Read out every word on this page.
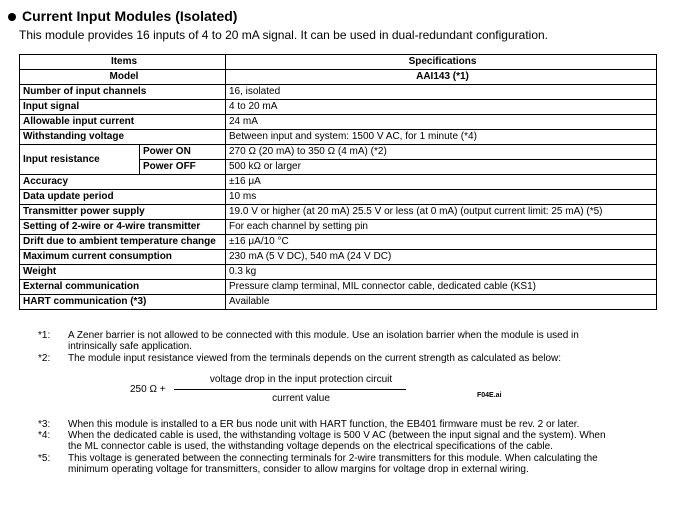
Current Input Modules (Isolated)
This module provides 16 inputs of 4 to 20 mA signal. It can be used in dual-redundant configuration.
Items		Specifications
Model		AAI143 (*1)
Number of input channels		16, isolated
Input signal		4 to 20 mA
Allowable input current		24 mA
Withstanding voltage		Between input and system: 1500 V AC, for 1 minute (*4)
Input resistance	Power ON	270 Ω (20 mA) to 350 Ω (4 mA) (*2)
	Power OFF	500 kΩ or larger
Accuracy		±16 μA
Data update period		10 ms
Transmitter power supply		19.0 V or higher (at 20 mA) 25.5 V or less (at 0 mA) (output current limit: 25 mA) (*5)
Setting of 2-wire or 4-wire transmitter		For each channel by setting pin
Drift due to ambient temperature change		±16 μA/10 °C
Maximum current consumption		230 mA (5 V DC), 540 mA (24 V DC)
Weight		0.3 kg
External communication		Pressure clamp terminal, MIL connector cable, dedicated cable (KS1)
HART communication (*3)		Available
*1: A Zener barrier is not allowed to be connected with this module. Use an isolation barrier when the module is used in
intrinsically safe application.
*2: The module input resistance viewed from the terminals depends on the current strength as calculated as below:
250 Ω +
voltage drop in the input protection circuit
current value	F04E.ai
*3: When this module is installed to a ER bus node unit with HART function, the EB401 firmware must be rev. 2 or later.
*4: When the dedicated cable is used, the withstanding voltage is 500 V AC (between the input signal and the system). When
the ML connector cable is used, the withstanding voltage depends on the electrical specifications of the cable.
*5: This voltage is generated between the connecting terminals for 2-wire transmitters for this module. When calculating the
minimum operating voltage for transmitters, consider to allow margins for voltage drop in external wiring.
